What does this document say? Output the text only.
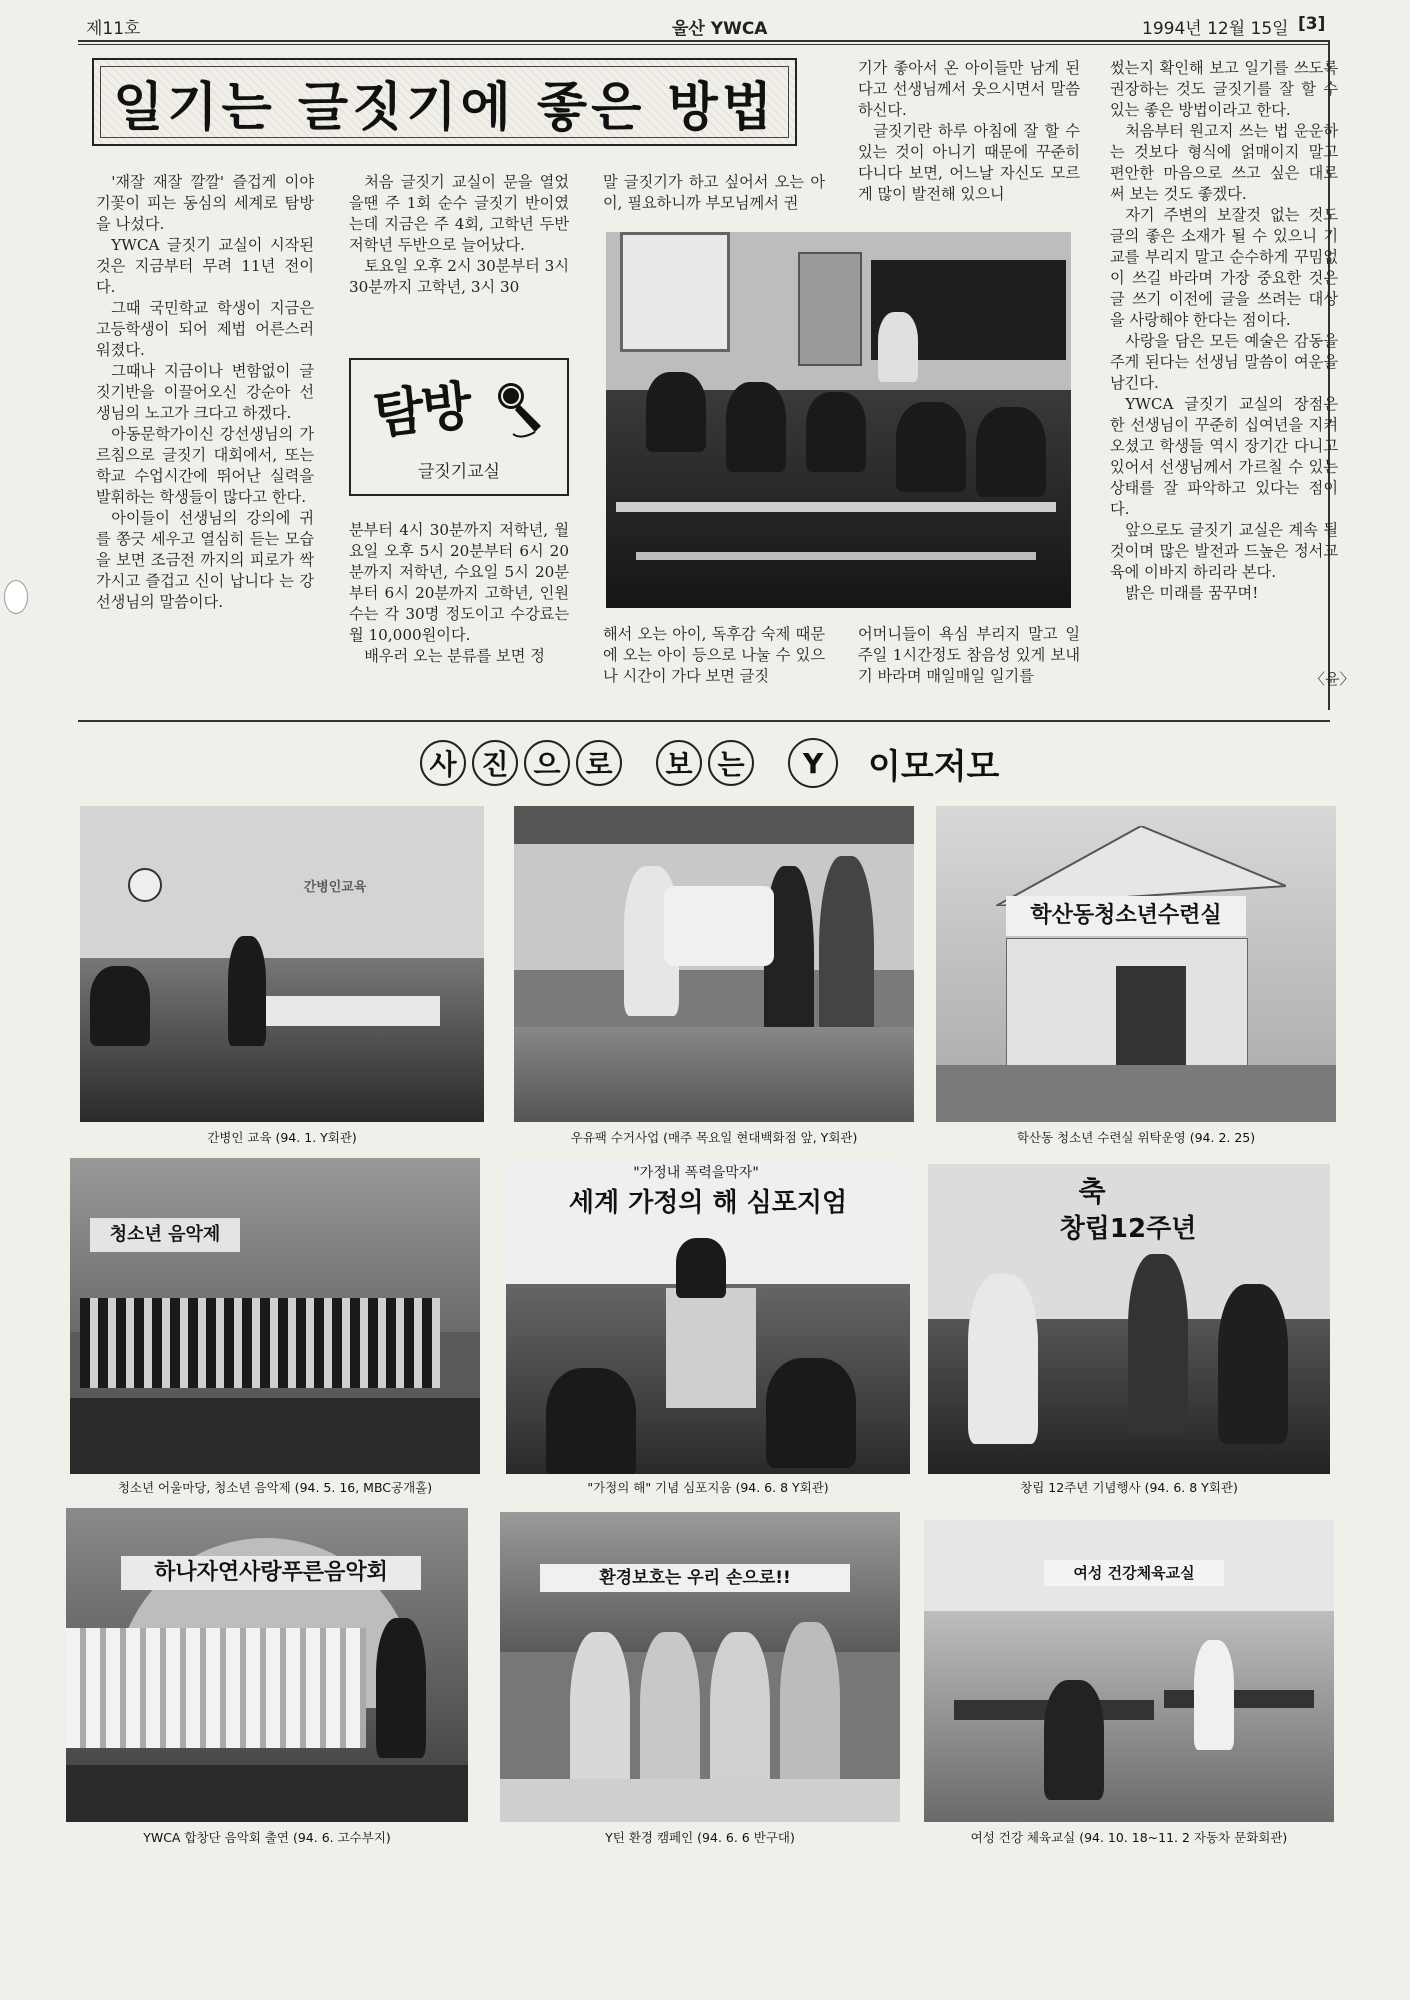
제11호	울산 YWCA	1994년 12월 15일 [3]
일기는 글짓기에 좋은 방법

'재잘 재잘 깔깔' 즐겁게 이야기꽃이 피는 동심의 세계로 탐방을 나섰다.

YWCA 글짓기 교실이 시작된 것은 지금부터 무려 11년 전이다.

그때 국민학교 학생이 지금은 고등학생이 되어 제법 어른스러워졌다.

그때나 지금이나 변함없이 글짓기반을 이끌어오신 강순아 선생님의 노고가 크다고 하겠다.

아동문학가이신 강선생님의 가르침으로 글짓기 대회에서, 또는 학교 수업시간에 뛰어난 실력을 발휘하는 학생들이 많다고 한다.

아이들이 선생님의 강의에 귀를 쫑긋 세우고 열심히 듣는 모습을 보면 조금전 까지의 피로가 싹 가시고 즐겁고 신이 납니다 는 강선생님의 말씀이다.

처음 글짓기 교실이 문을 열었을땐 주 1회 순수 글짓기 반이였는데 지금은 주 4회, 고학년 두반 저학년 두반으로 늘어났다.

토요일 오후 2시 30분부터 3시 30분까지 고학년, 3시 30

탐방
글짓기교실

분부터 4시 30분까지 저학년, 월요일 오후 5시 20분부터 6시 20분까지 저학년, 수요일 5시 20분부터 6시 20분까지 고학년, 인원수는 각 30명 정도이고 수강료는 월 10,000원이다.

배우러 오는 분류를 보면 정

말 글짓기가 하고 싶어서 오는 아이, 필요하니까 부모님께서 권

기가 좋아서 온 아이들만 남게 된다고 선생님께서 웃으시면서 말씀 하신다.

글짓기란 하루 아침에 잘 할 수 있는 것이 아니기 때문에 꾸준히 다니다 보면, 어느날 자신도 모르게 많이 발전해 있으니

해서 오는 아이, 독후감 숙제 때문에 오는 아이 등으로 나눌 수 있으나 시간이 가다 보면 글짓

어머니들이 욕심 부리지 말고 일주일 1시간정도 참음성 있게 보내기 바라며 매일매일 일기를

썼는지 확인해 보고 일기를 쓰도록 권장하는 것도 글짓기를 잘 할 수 있는 좋은 방법이라고 한다.

처음부터 원고지 쓰는 법 운운하는 것보다 형식에 얽매이지 말고 편안한 마음으로 쓰고 싶은 대로 써 보는 것도 좋겠다.

자기 주변의 보잘것 없는 것도 글의 좋은 소재가 될 수 있으니 기교를 부리지 말고 순수하게 꾸밈없이 쓰길 바라며 가장 중요한 것은 글 쓰기 이전에 글을 쓰려는 대상을 사랑해야 한다는 점이다.

사랑을 담은 모든 예술은 감동을 주게 된다는 선생님 말씀이 여운을 남긴다.

YWCA 글짓기 교실의 장점은 한 선생님이 꾸준히 십여년을 지켜 오셨고 학생들 역시 장기간 다니고 있어서 선생님께서 가르칠 수 있는 상태를 잘 파악하고 있다는 점이다.

앞으로도 글짓기 교실은 계속 될 것이며 많은 발전과 드높은 정서교육에 이바지 하리라 본다.

밝은 미래를 꿈꾸며!

〈윤〉
사 진 으 로	보 는	Y	이모저모
간병인교육
간병인 교육 (94. 1. Y회관)	우유팩 수거사업 (매주 목요일 현대백화점 앞, Y회관)
학산동청소년수련실
학산동 청소년 수련실 위탁운영 (94. 2. 25)
청소년 음악제
청소년 어울마당, 청소년 음악제 (94. 5. 16, MBC공개홀)
"가정내 폭력을막자"
세계 가정의 해 심포지엄
"가정의 해" 기념 심포지움 (94. 6. 8 Y회관)
축
창립12주년
창립 12주년 기념행사 (94. 6. 8 Y회관)
하나자연사랑푸른음악회
YWCA 합창단 음악회 출연 (94. 6. 고수부지)
환경보호는 우리 손으로!!
Y틴 환경 캠페인 (94. 6. 6 반구대)
여성 건강체육교실
여성 건강 체육교실 (94. 10. 18~11. 2 자동차 문화회관)
